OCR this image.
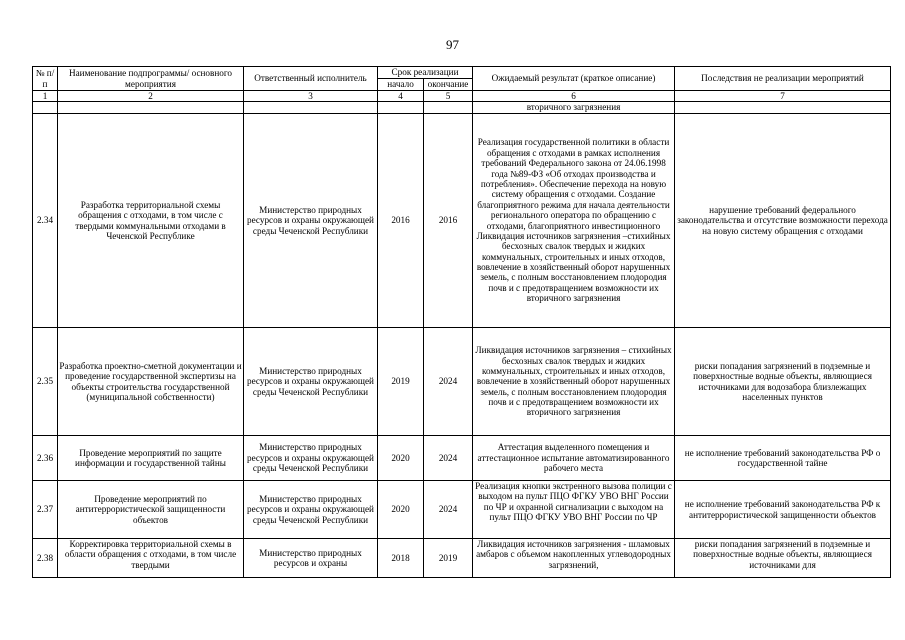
97
№ п/п	Наименование подпрограммы/ основного мероприятия	Ответственный исполнитель	Срок реализации		Ожидаемый результат (краткое описание)	Последствия не реализации мероприятий
			начало	окончание		
1	2	3	4	5	6	7
					вторичного загрязнения	
2.34	Разработка территориальной схемы обращения с отходами, в том числе с твердыми коммунальными отходами в Чеченской Республике	Министерство природных ресурсов и охраны окружающей среды Чеченской Республики	2016	2016	Реализация государственной политики в области обращения с отходами в рамках исполнения требований Федерального закона от 24.06.1998 года №89-ФЗ «Об отходах производства и потребления». Обеспечение перехода на новую систему обращения с отходами. Создание благоприятного режима для начала деятельности регионального оператора по обращению с отходами, благоприятного инвестиционного Ликвидация источников загрязнения –стихийных бесхозных свалок твердых и жидких коммунальных, строительных и иных отходов, вовлечение в хозяйственный оборот нарушенных земель, с полным восстановлением плодородия почв и с предотвращением возможности их вторичного загрязнения	нарушение требований федерального законодательства и отсутствие возможности перехода на новую систему обращения с отходами
2.35	Разработка проектно-сметной документации и проведение государственной экспертизы на объекты строительства государственной (муниципальной собственности)	Министерство природных ресурсов и охраны окружающей среды Чеченской Республики	2019	2024	Ликвидация источников загрязнения – стихийных бесхозных свалок твердых и жидких коммунальных, строительных и иных отходов, вовлечение в хозяйственный оборот нарушенных земель, с полным восстановлением плодородия почв и с предотвращением возможности их вторичного загрязнения	риски попадания загрязнений в подземные и поверхностные водные объекты, являющиеся источниками для водозабора близлежащих населенных пунктов
2.36	Проведение мероприятий по защите информации и государственной тайны	Министерство природных ресурсов и охраны окружающей среды Чеченской Республики	2020	2024	Аттестация выделенного помещения и аттестационное испытание автоматизированного рабочего места	не исполнение требований законодательства РФ о государственной тайне
2.37	Проведение мероприятий по антитеррористической защищенности объектов	Министерство природных ресурсов и охраны окружающей среды Чеченской Республики	2020	2024	Реализация кнопки экстренного вызова полиции с выходом на пульт ПЦО ФГКУ УВО ВНГ России по ЧР и охранной сигнализации с выходом на пульт ПЦО ФГКУ УВО ВНГ России по ЧР	не исполнение требований законодательства РФ к антитеррористической защищенности объектов
2.38	Корректировка территориальной схемы в области обращения с отходами, в том числе твердыми	Министерство природных ресурсов и охраны	2018	2019	Ликвидация источников загрязнения - шламовых амбаров с объемом накопленных углеводородных загрязнений,	риски попадания загрязнений в подземные и поверхностные водные объекты, являющиеся источниками для
